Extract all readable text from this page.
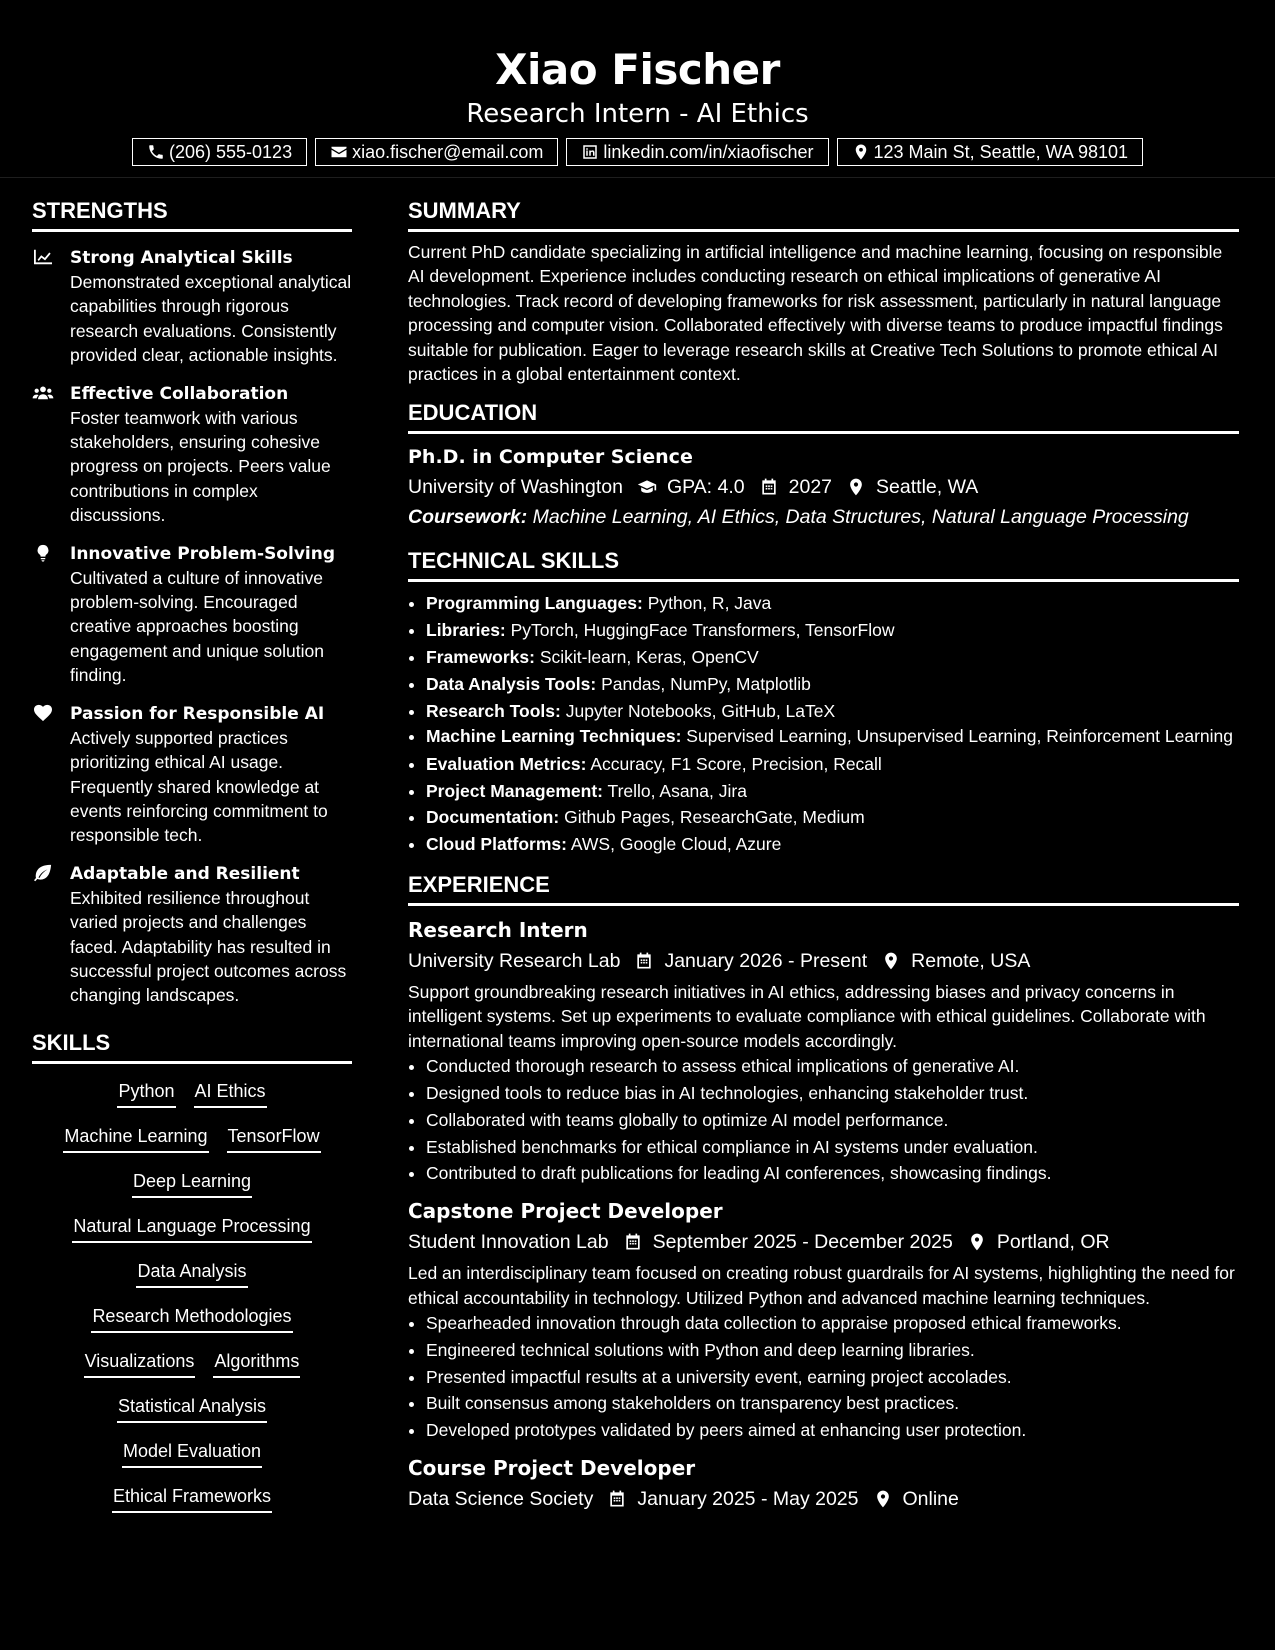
Xiao Fischer
Research Intern - AI Ethics
(206) 555-0123	xiao.fischer@email.com	linkedin.com/in/xiaofischer	123 Main St, Seattle, WA 98101
STRENGTHS
Strong Analytical Skills
Demonstrated exceptional analytical capabilities through rigorous research evaluations. Consistently provided clear, actionable insights.
Effective Collaboration
Foster teamwork with various stakeholders, ensuring cohesive progress on projects. Peers value contributions in complex discussions.
Innovative Problem-Solving
Cultivated a culture of innovative problem-solving. Encouraged creative approaches boosting engagement and unique solution finding.
Passion for Responsible AI
Actively supported practices prioritizing ethical AI usage. Frequently shared knowledge at events reinforcing commitment to responsible tech.
Adaptable and Resilient
Exhibited resilience throughout varied projects and challenges faced. Adaptability has resulted in successful project outcomes across changing landscapes.
SKILLS
Python AI Ethics
Machine Learning TensorFlow
Deep Learning
Natural Language Processing
Data Analysis
Research Methodologies
Visualizations Algorithms
Statistical Analysis
Model Evaluation
Ethical Frameworks
SUMMARY
Current PhD candidate specializing in artificial intelligence and machine learning, focusing on responsible AI development. Experience includes conducting research on ethical implications of generative AI technologies. Track record of developing frameworks for risk assessment, particularly in natural language processing and computer vision. Collaborated effectively with diverse teams to produce impactful findings suitable for publication. Eager to leverage research skills at Creative Tech Solutions to promote ethical AI practices in a global entertainment context.
EDUCATION
Ph.D. in Computer Science
University of Washington GPA: 4.0 2027 Seattle, WA
Coursework: Machine Learning, AI Ethics, Data Structures, Natural Language Processing
TECHNICAL SKILLS
• Programming Languages: Python, R, Java
• Libraries: PyTorch, HuggingFace Transformers, TensorFlow
• Frameworks: Scikit-learn, Keras, OpenCV
• Data Analysis Tools: Pandas, NumPy, Matplotlib
• Research Tools: Jupyter Notebooks, GitHub, LaTeX
• Machine Learning Techniques: Supervised Learning, Unsupervised Learning, Reinforcement Learning
• Evaluation Metrics: Accuracy, F1 Score, Precision, Recall
• Project Management: Trello, Asana, Jira
• Documentation: Github Pages, ResearchGate, Medium
• Cloud Platforms: AWS, Google Cloud, Azure
EXPERIENCE
Research Intern
University Research Lab January 2026 - Present Remote, USA
Support groundbreaking research initiatives in AI ethics, addressing biases and privacy concerns in intelligent systems. Set up experiments to evaluate compliance with ethical guidelines. Collaborate with international teams improving open-source models accordingly.
• Conducted thorough research to assess ethical implications of generative AI.
• Designed tools to reduce bias in AI technologies, enhancing stakeholder trust.
• Collaborated with teams globally to optimize AI model performance.
• Established benchmarks for ethical compliance in AI systems under evaluation.
• Contributed to draft publications for leading AI conferences, showcasing findings.
Capstone Project Developer
Student Innovation Lab September 2025 - December 2025 Portland, OR
Led an interdisciplinary team focused on creating robust guardrails for AI systems, highlighting the need for ethical accountability in technology. Utilized Python and advanced machine learning techniques.
• Spearheaded innovation through data collection to appraise proposed ethical frameworks.
• Engineered technical solutions with Python and deep learning libraries.
• Presented impactful results at a university event, earning project accolades.
• Built consensus among stakeholders on transparency best practices.
• Developed prototypes validated by peers aimed at enhancing user protection.
Course Project Developer
Data Science Society January 2025 - May 2025 Online
